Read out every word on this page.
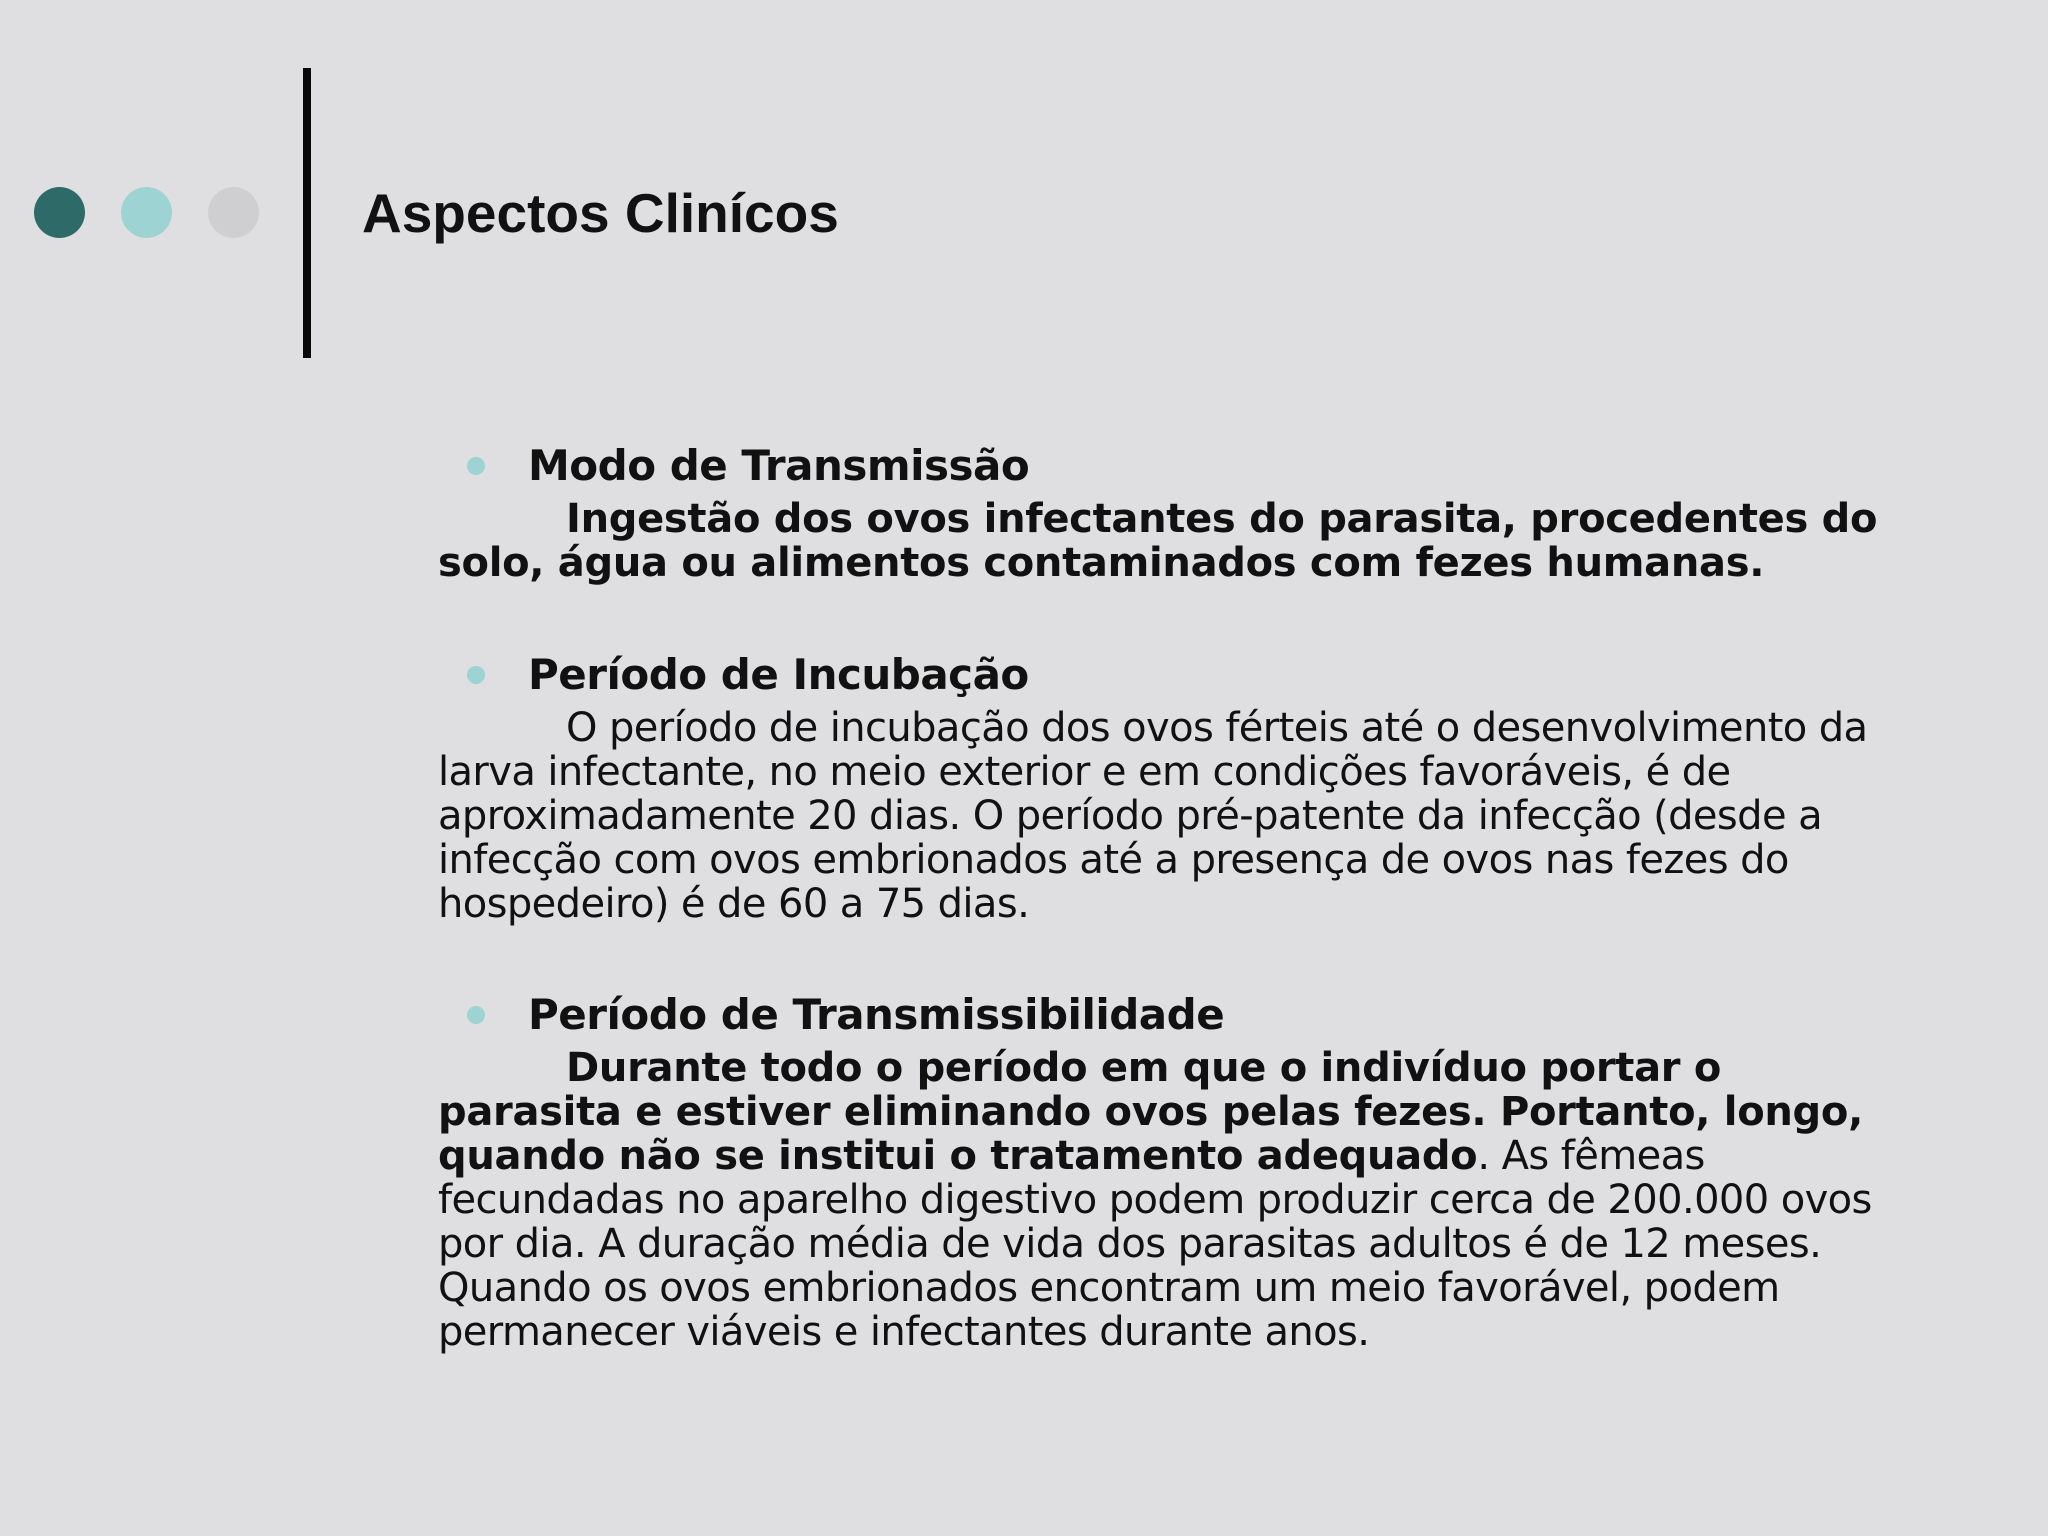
Aspectos Clinícos

Modo de Transmissão

Ingestão dos ovos infectantes do parasita, procedentes do solo, água ou alimentos contaminados com fezes humanas.

Período de Incubação

O período de incubação dos ovos férteis até o desenvolvimento da larva infectante, no meio exterior e em condições favoráveis, é de aproximadamente 20 dias. O período pré-patente da infecção (desde a infecção com ovos embrionados até a presença de ovos nas fezes do hospedeiro) é de 60 a 75 dias.

Período de Transmissibilidade

Durante todo o período em que o indivíduo portar o parasita e estiver eliminando ovos pelas fezes. Portanto, longo, quando não se institui o tratamento adequado. As fêmeas fecundadas no aparelho digestivo podem produzir cerca de 200.000 ovos por dia. A duração média de vida dos parasitas adultos é de 12 meses. Quando os ovos embrionados encontram um meio favorável, podem permanecer viáveis e infectantes durante anos.
